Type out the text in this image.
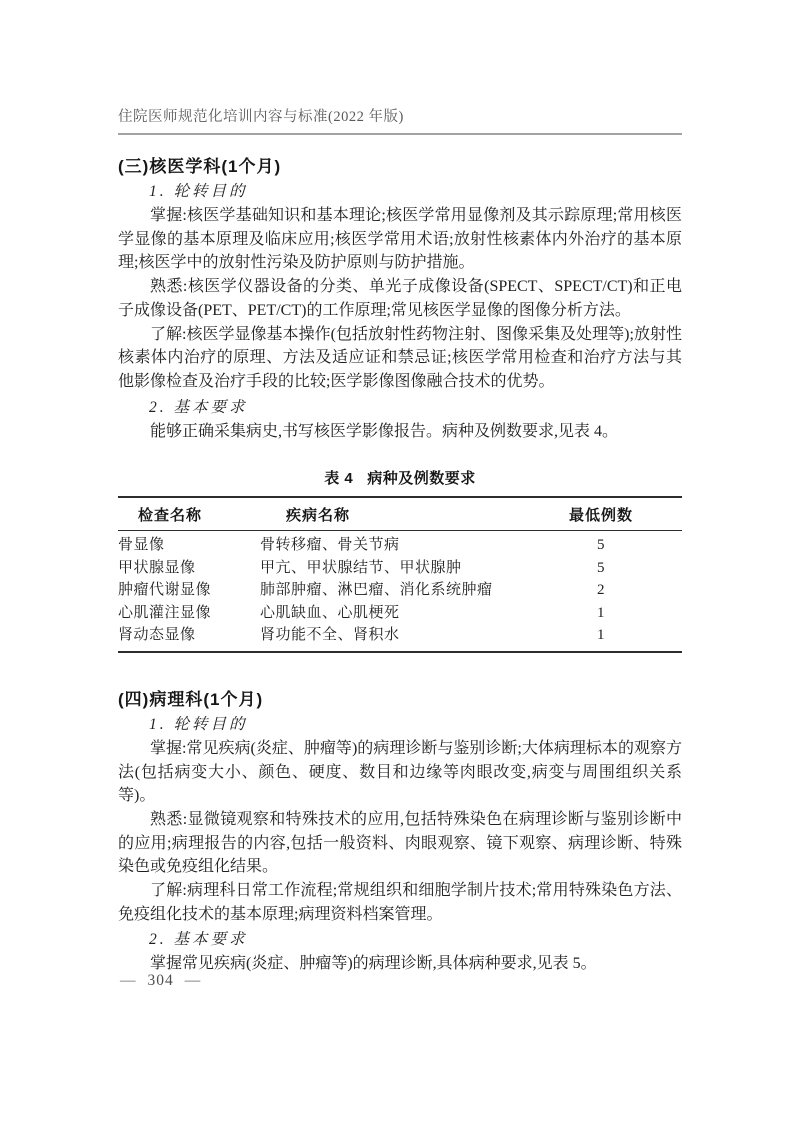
住院医师规范化培训内容与标准(2022 年版)
(三)核医学科(1个月)

1. 轮转目的

掌握:核医学基础知识和基本理论;核医学常用显像剂及其示踪原理;常用核医学显像的基本原理及临床应用;核医学常用术语;放射性核素体内外治疗的基本原理;核医学中的放射性污染及防护原则与防护措施。

熟悉:核医学仪器设备的分类、单光子成像设备(SPECT、SPECT/CT)和正电子成像设备(PET、PET/CT)的工作原理;常见核医学显像的图像分析方法。

了解:核医学显像基本操作(包括放射性药物注射、图像采集及处理等);放射性核素体内治疗的原理、方法及适应证和禁忌证;核医学常用检查和治疗方法与其他影像检查及治疗手段的比较;医学影像图像融合技术的优势。

2. 基本要求

能够正确采集病史,书写核医学影像报告。病种及例数要求,见表 4。

表 4 病种及例数要求
检查名称	疾病名称	最低例数
骨显像	骨转移瘤、骨关节病	5
甲状腺显像	甲亢、甲状腺结节、甲状腺肿	5
肿瘤代谢显像	肺部肿瘤、淋巴瘤、消化系统肿瘤	2
心肌灌注显像	心肌缺血、心肌梗死	1
肾动态显像	肾功能不全、肾积水	1
(四)病理科(1个月)

1. 轮转目的

掌握:常见疾病(炎症、肿瘤等)的病理诊断与鉴别诊断;大体病理标本的观察方法(包括病变大小、颜色、硬度、数目和边缘等肉眼改变,病变与周围组织关系等)。

熟悉:显微镜观察和特殊技术的应用,包括特殊染色在病理诊断与鉴别诊断中的应用;病理报告的内容,包括一般资料、肉眼观察、镜下观察、病理诊断、特殊染色或免疫组化结果。

了解:病理科日常工作流程;常规组织和细胞学制片技术;常用特殊染色方法、免疫组化技术的基本原理;病理资料档案管理。

2. 基本要求

掌握常见疾病(炎症、肿瘤等)的病理诊断,具体病种要求,见表 5。

— 304 —
